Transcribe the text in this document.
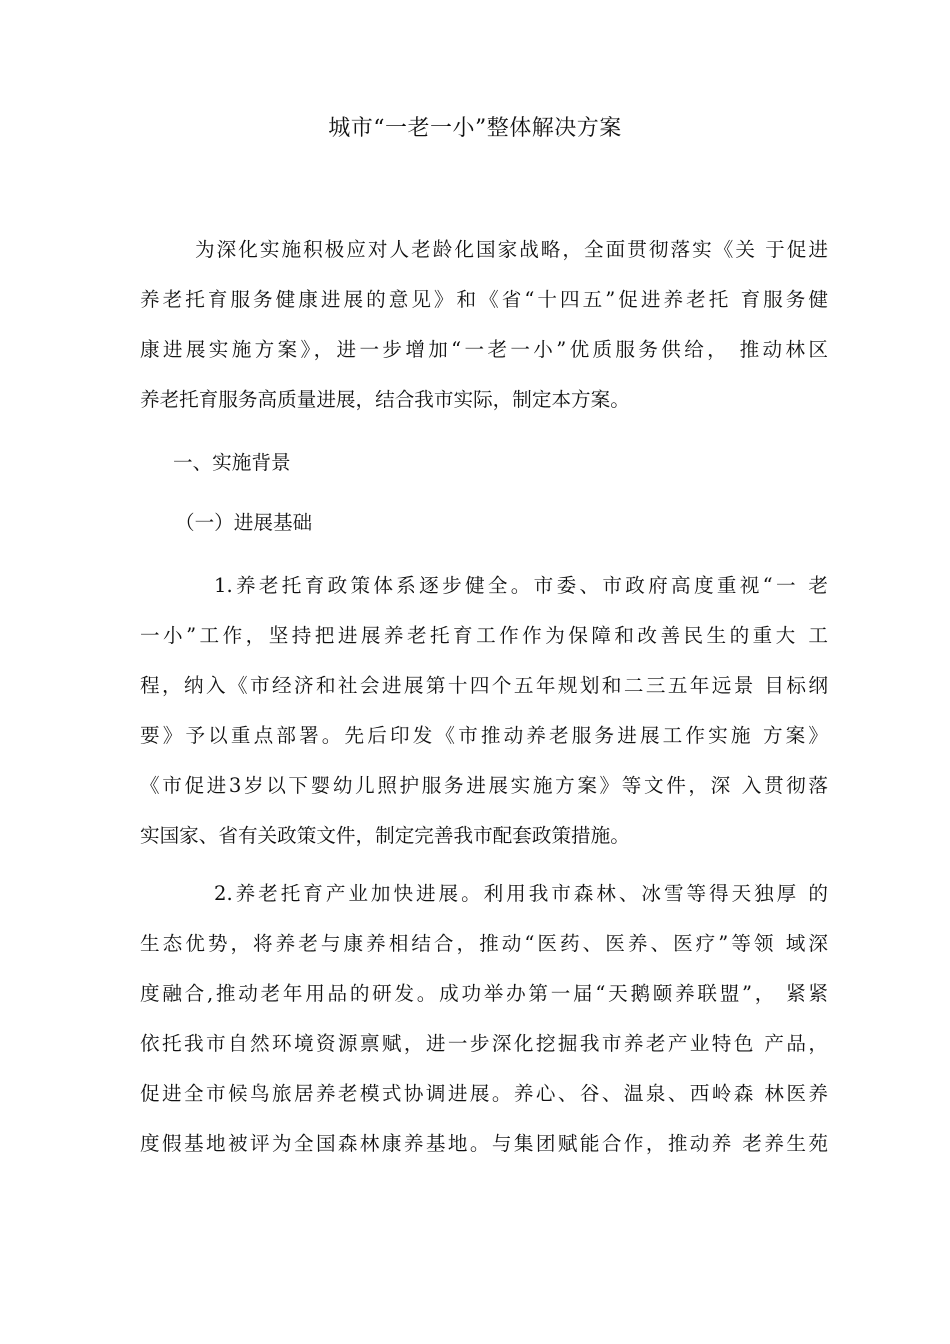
城市“一老一小”整体解决方案
为深化实施积极应对人老龄化国家战略，全面贯彻落实《关 于促进
养老托育服务健康进展的意见》和《省“十四五”促进养老托 育服务健
康进展实施方案》，进一步增加“一老一小”优质服务供给， 推动林区
养老托育服务高质量进展，结合我市实际，制定本方案。
一、实施背景
（一）进展基础
1.养老托育政策体系逐步健全。市委、市政府高度重视“一 老
一小”工作，坚持把进展养老托育工作作为保障和改善民生的重大 工
程，纳入《市经济和社会进展第十四个五年规划和二三五年远景 目标纲
要》予以重点部署。先后印发《市推动养老服务进展工作实施 方案》
《市促进3岁以下婴幼儿照护服务进展实施方案》等文件，深 入贯彻落
实国家、省有关政策文件，制定完善我市配套政策措施。
2.养老托育产业加快进展。利用我市森林、冰雪等得天独厚 的
生态优势，将养老与康养相结合，推动“医药、医养、医疗”等领 域深
度融合,推动老年用品的研发。成功举办第一届“天鹅颐养联盟”， 紧紧
依托我市自然环境资源禀赋，进一步深化挖掘我市养老产业特色 产品，
促进全市候鸟旅居养老模式协调进展。养心、谷、温泉、西岭森 林医养
度假基地被评为全国森林康养基地。与集团赋能合作，推动养 老养生苑
